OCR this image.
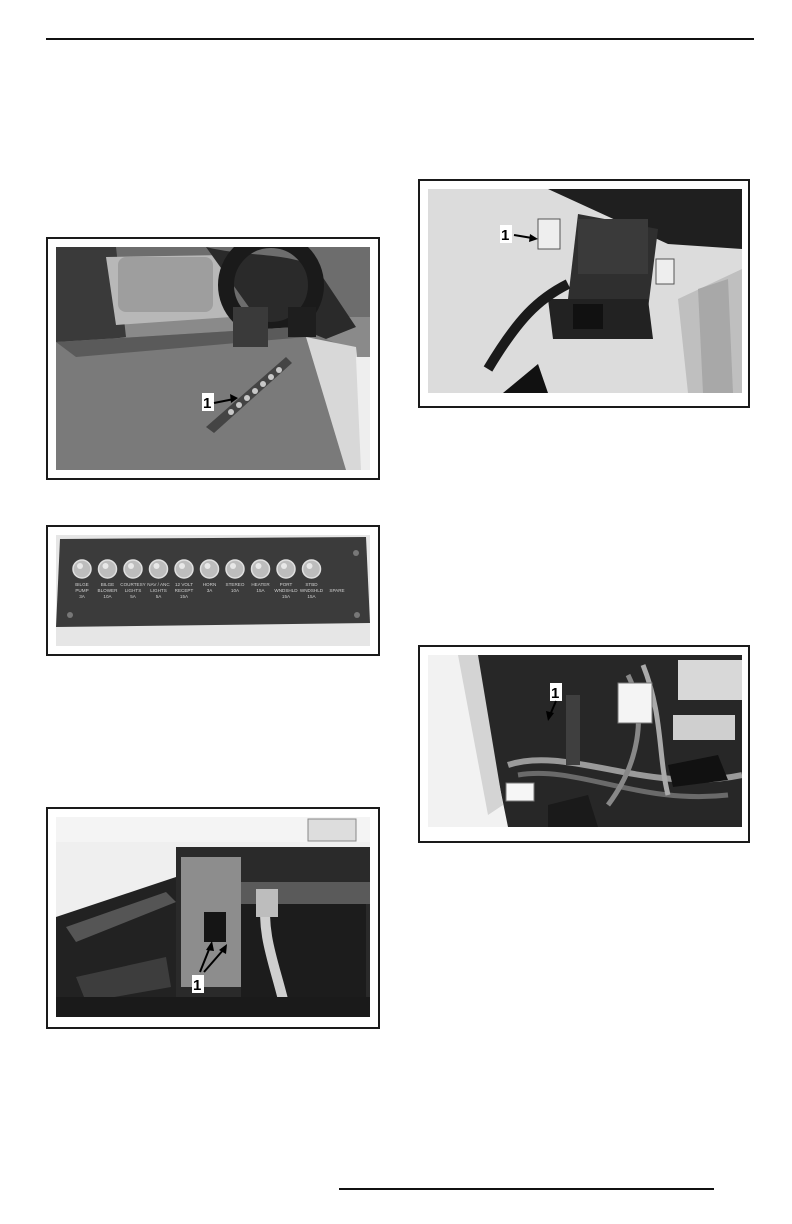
1
BILGE PUMP 3A
BILGE BLOWER 10A
COURTESY LIGHTS 5A
NAV / ANC LIGHTS 5A
12 VOLT RECEPT 15A
HORN 3A
STEREO 10A
HEATER 15A
PORT WNDSHLD 15A
STBD WNDSHLD 15A
SPARE
1
1
1
